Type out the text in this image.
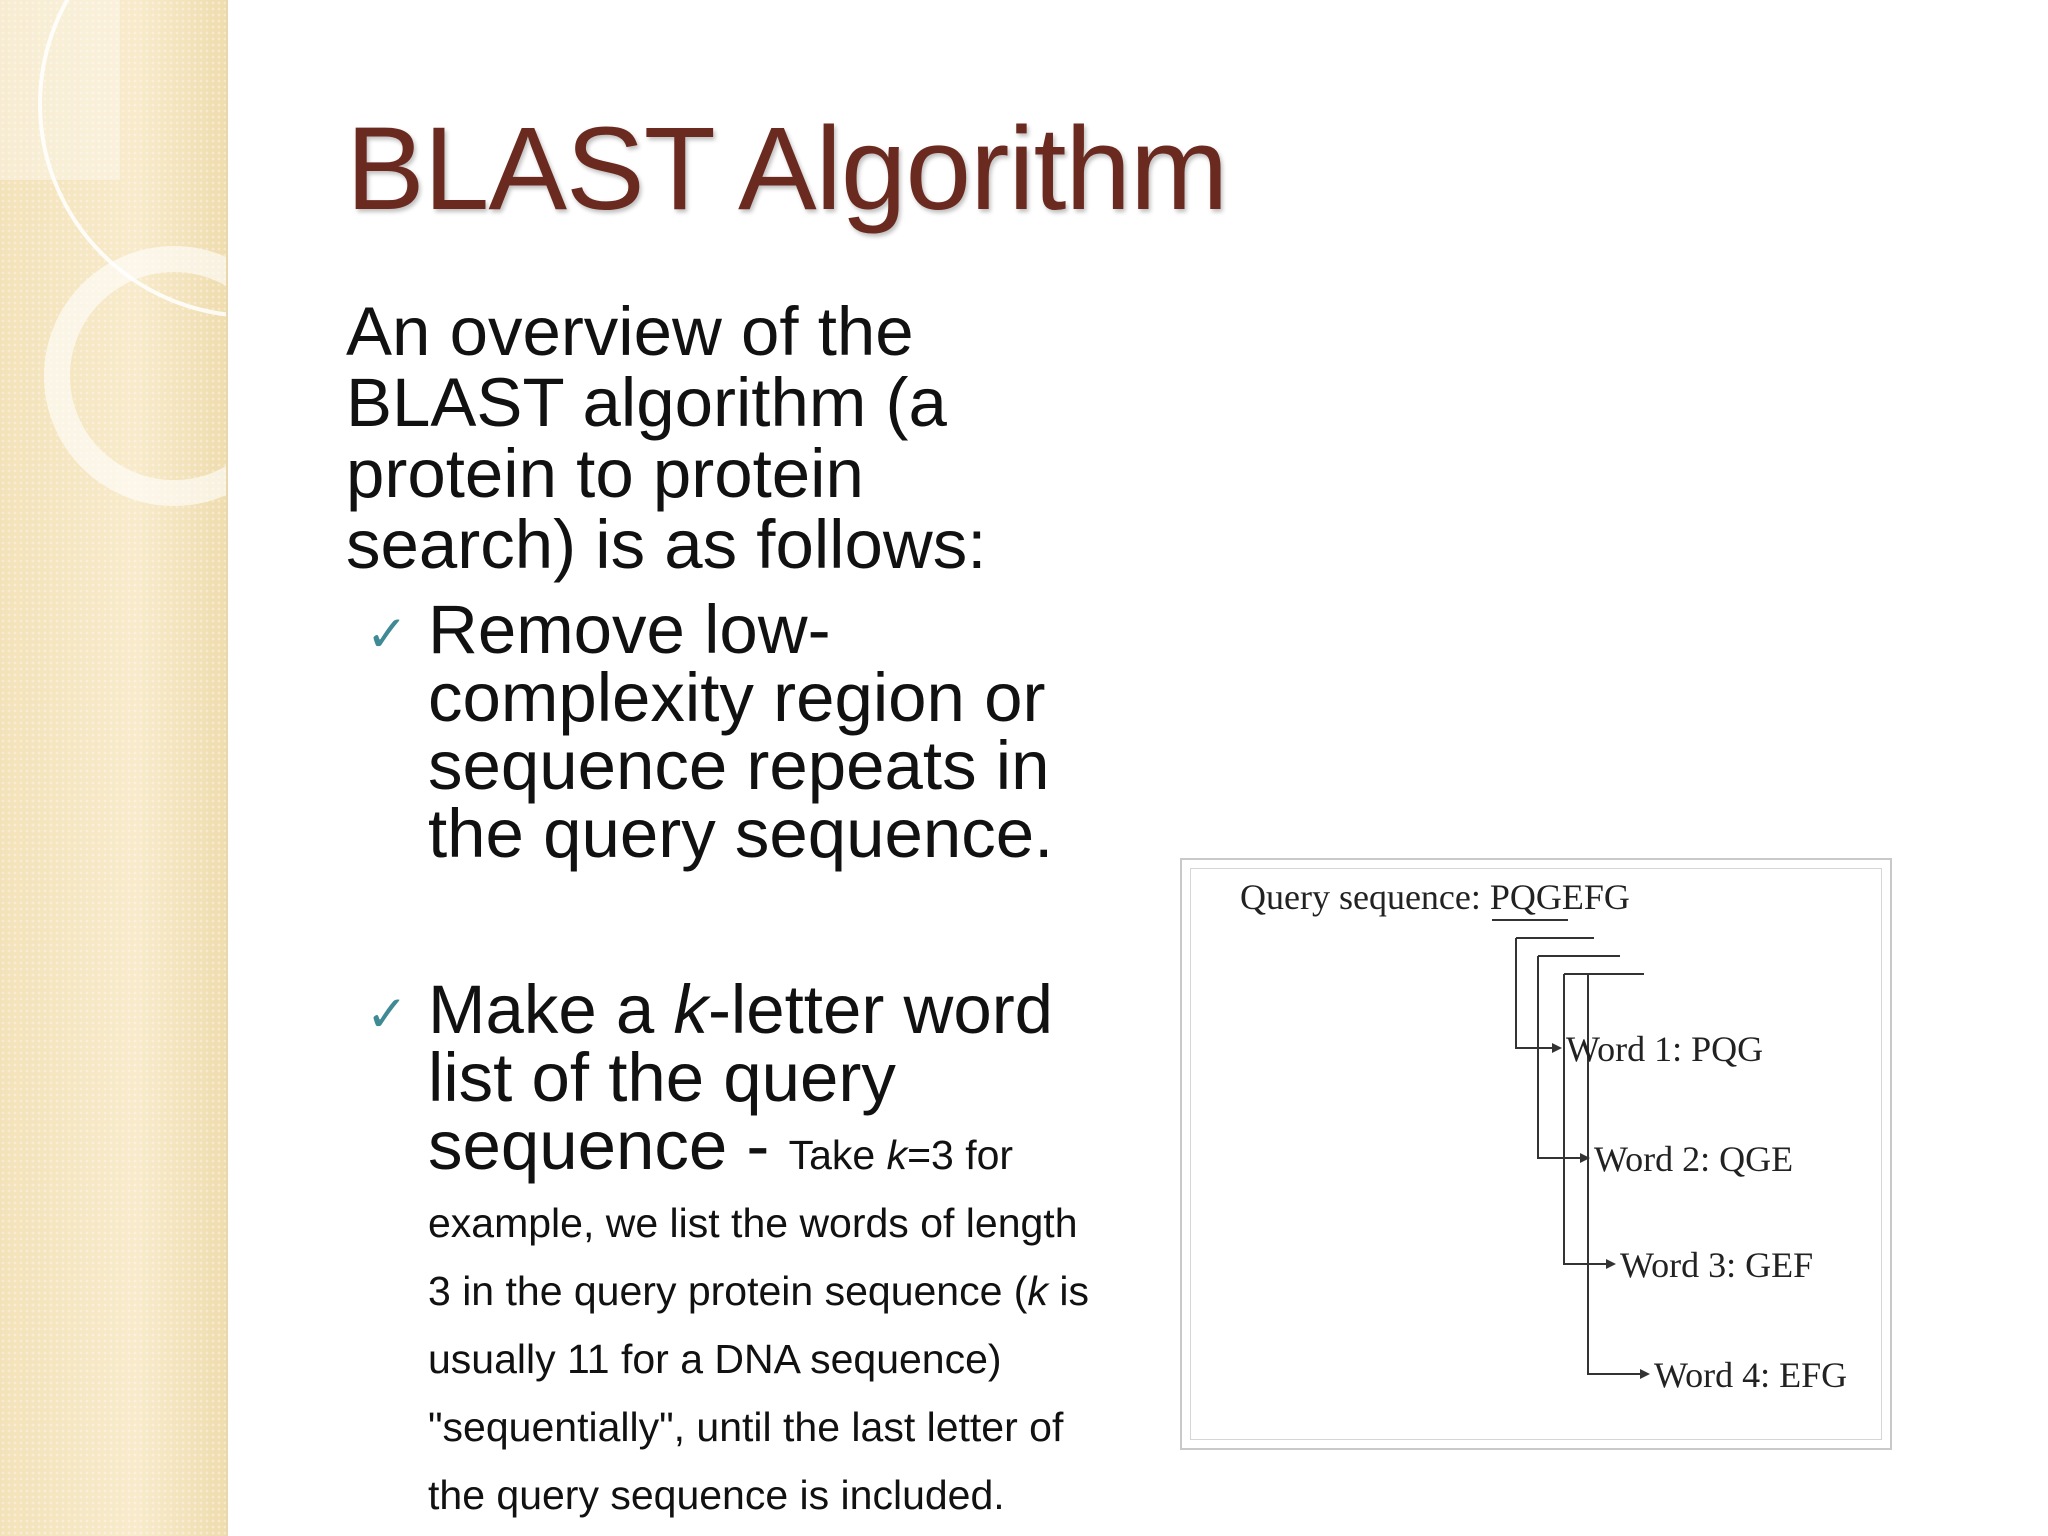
BLAST Algorithm
An overview of the BLAST algorithm (a protein to protein search) is as follows:
✓ Remove low-complexity region or sequence repeats in the query sequence.
✓ Make a k-letter word list of the query sequence - Take k=3 for example, we list the words of length 3 in the query protein sequence (k is usually 11 for a DNA sequence) "sequentially", until the last letter of the query sequence is included.
Query sequence: PQGEFG
Word 1: PQG
Word 2: QGE
Word 3: GEF
Word 4: EFG
